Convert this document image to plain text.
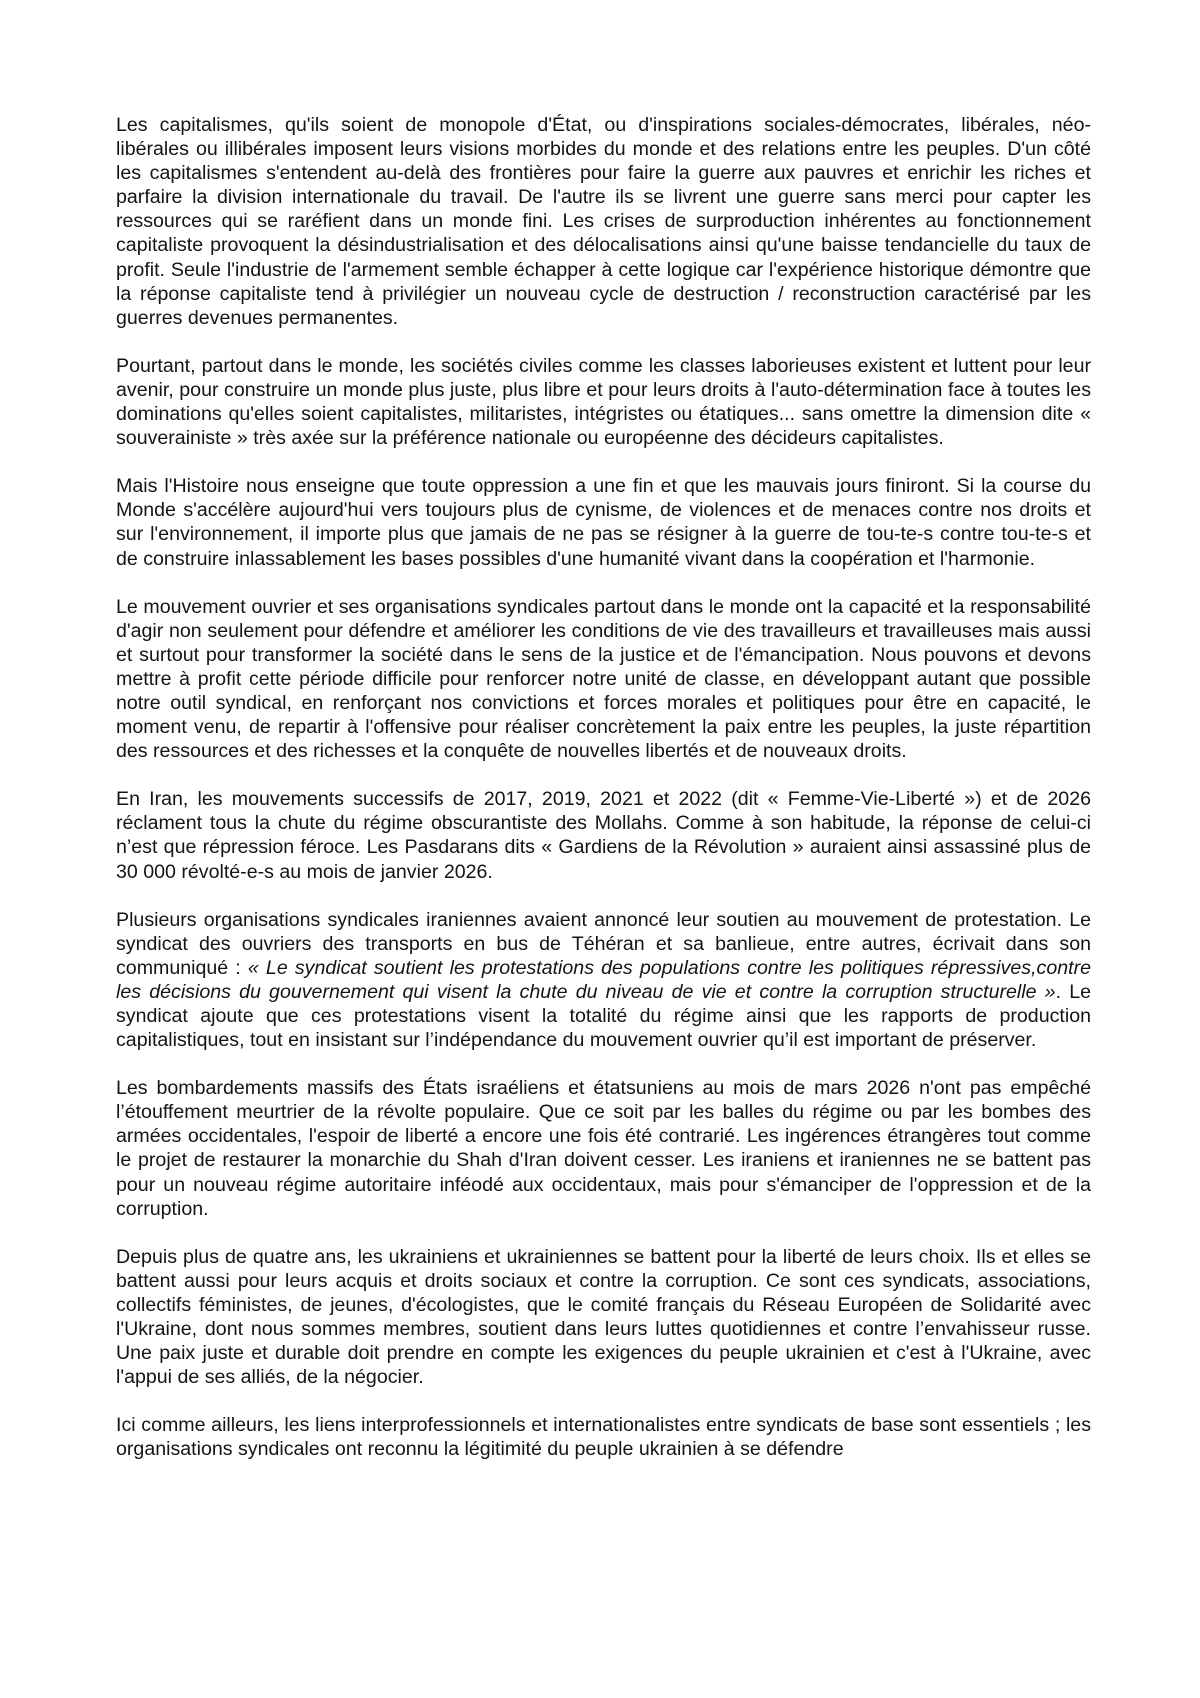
Les capitalismes, qu'ils soient de monopole d'État, ou d'inspirations sociales-démocrates, libérales, néo-libérales ou illibérales imposent leurs visions morbides du monde et des relations entre les peuples. D'un côté les capitalismes s'entendent au-delà des frontières pour faire la guerre aux pauvres et enrichir les riches et parfaire la division internationale du travail. De l'autre ils se livrent une guerre sans merci pour capter les ressources qui se raréfient dans un monde fini. Les crises de surproduction inhérentes au fonctionnement capitaliste provoquent la désindustrialisation et des délocalisations ainsi qu'une baisse tendancielle du taux de profit. Seule l'industrie de l'armement semble échapper à cette logique car l'expérience historique démontre que la réponse capitaliste tend à privilégier un nouveau cycle de destruction / reconstruction caractérisé par les guerres devenues permanentes.

Pourtant, partout dans le monde, les sociétés civiles comme les classes laborieuses existent et luttent pour leur avenir, pour construire un monde plus juste, plus libre et pour leurs droits à l'auto-détermination face à toutes les dominations qu'elles soient capitalistes, militaristes, intégristes ou étatiques... sans omettre la dimension dite « souverainiste » très axée sur la préférence nationale ou européenne des décideurs capitalistes.

Mais l'Histoire nous enseigne que toute oppression a une fin et que les mauvais jours finiront. Si la course du Monde s'accélère aujourd'hui vers toujours plus de cynisme, de violences et de menaces contre nos droits et sur l'environnement, il importe plus que jamais de ne pas se résigner à la guerre de tou-te-s contre tou-te-s et de construire inlassablement les bases possibles d'une humanité vivant dans la coopération et l'harmonie.

Le mouvement ouvrier et ses organisations syndicales partout dans le monde ont la capacité et la responsabilité d'agir non seulement pour défendre et améliorer les conditions de vie des travailleurs et travailleuses mais aussi et surtout pour transformer la société dans le sens de la justice et de l'émancipation. Nous pouvons et devons mettre à profit cette période difficile pour renforcer notre unité de classe, en développant autant que possible notre outil syndical, en renforçant nos convictions et forces morales et politiques pour être en capacité, le moment venu, de repartir à l'offensive pour réaliser concrètement la paix entre les peuples, la juste répartition des ressources et des richesses et la conquête de nouvelles libertés et de nouveaux droits.

En Iran, les mouvements successifs de 2017, 2019, 2021 et 2022 (dit « Femme-Vie-Liberté ») et de 2026 réclament tous la chute du régime obscurantiste des Mollahs. Comme à son habitude, la réponse de celui-ci n’est que répression féroce. Les Pasdarans dits « Gardiens de la Révolution » auraient ainsi assassiné plus de 30 000 révolté-e-s au mois de janvier 2026.

Plusieurs organisations syndicales iraniennes avaient annoncé leur soutien au mouvement de protestation. Le syndicat des ouvriers des transports en bus de Téhéran et sa banlieue, entre autres, écrivait dans son communiqué : « Le syndicat soutient les protestations des populations contre les politiques répressives,contre les décisions du gouvernement qui visent la chute du niveau de vie et contre la corruption structurelle ». Le syndicat ajoute que ces protestations visent la totalité du régime ainsi que les rapports de production capitalistiques, tout en insistant sur l’indépendance du mouvement ouvrier qu’il est important de préserver.

Les bombardements massifs des États israéliens et étatsuniens au mois de mars 2026 n'ont pas empêché l’étouffement meurtrier de la révolte populaire. Que ce soit par les balles du régime ou par les bombes des armées occidentales, l'espoir de liberté a encore une fois été contrarié. Les ingérences étrangères tout comme le projet de restaurer la monarchie du Shah d'Iran doivent cesser. Les iraniens et iraniennes ne se battent pas pour un nouveau régime autoritaire inféodé aux occidentaux, mais pour s'émanciper de l'oppression et de la corruption.

Depuis plus de quatre ans, les ukrainiens et ukrainiennes se battent pour la liberté de leurs choix. Ils et elles se battent aussi pour leurs acquis et droits sociaux et contre la corruption. Ce sont ces syndicats, associations, collectifs féministes, de jeunes, d'écologistes, que le comité français du Réseau Européen de Solidarité avec l'Ukraine, dont nous sommes membres, soutient dans leurs luttes quotidiennes et contre l’envahisseur russe. Une paix juste et durable doit prendre en compte les exigences du peuple ukrainien et c'est à l'Ukraine, avec l'appui de ses alliés, de la négocier.

Ici comme ailleurs, les liens interprofessionnels et internationalistes entre syndicats de base sont essentiels ; les organisations syndicales ont reconnu la légitimité du peuple ukrainien à se défendre
